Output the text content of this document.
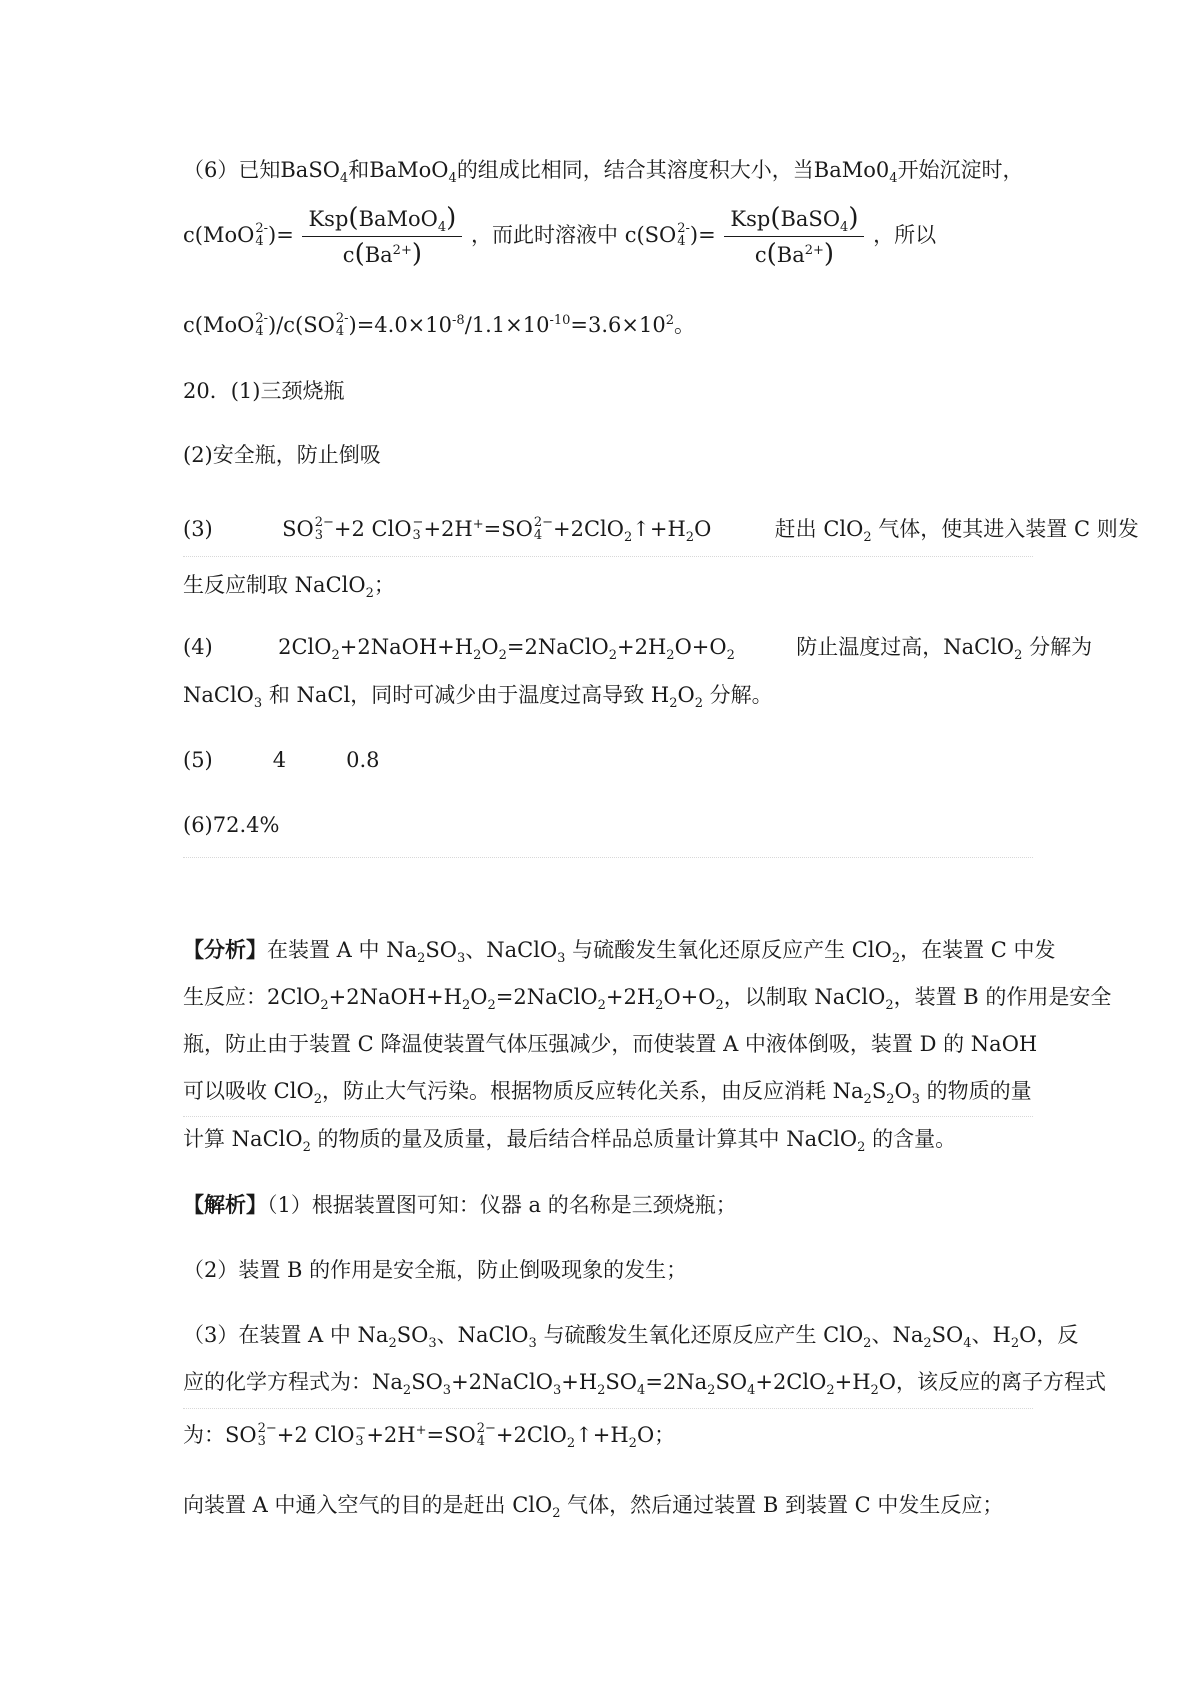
（6）已知BaSO$_4$和BaMoO$_4$的组成比相同，结合其溶度积大小，当$BaMo0_4$开始沉淀时，
c(MoO 2-
4 )= $\frac{Ksp(BaMoO_4)}{c(Ba^{2+})}$ ，而此时溶液中 c(SO 2-
4 )= $\frac{Ksp(BaSO_4)}{c(Ba^{2+})}$ ，所以
c(MoO 2-
4 )/c(SO 2-
4 )$=4.0\times 10^{-8}/1.1\times 10^{-10}=3.6\times 10^2$。
20．(1)三颈烧瓶
(2)安全瓶，防止倒吸
(3)	SO 2−
3 +2 ClO −
3 +2H+=SO 2−
$4 +2ClO_2↑+H_2O$	赶出 ClO$_2$ 气体，使其进入装置 C 则发
生反应制取 NaClO$_2$；
(4)	$2ClO_2+2NaOH+H_2O_2=2NaClO_2+2H_2O+O_2$	防止温度过高，NaClO$_2$ 分解为
NaClO$_3$ 和 NaCl，同时可减少由于温度过高导致 $H_2O_2$ 分解。
(5)	4	0.8
(6)72.4%
【分析】在装置 A 中 $Na_2SO_3$、NaClO$_3$ 与硫酸发生氧化还原反应产生 ClO$_2$，在装置 C 中发
生反应：$2ClO_2+2NaOH+H_2O_2=2NaClO_2+2H_2O+O_2$，以制取 NaClO$_2$，装置 B 的作用是安全
瓶，防止由于装置 C 降温使装置气体压强减少，而使装置 A 中液体倒吸，装置 D 的 NaOH
可以吸收 ClO$_2$，防止大气污染。根据物质反应转化关系，由反应消耗 $Na_2S_2O_3$ 的物质的量
计算 NaClO$_2$ 的物质的量及质量，最后结合样品总质量计算其中 NaClO$_2$ 的含量。
【解析】（1）根据装置图可知：仪器 a 的名称是三颈烧瓶；
（2）装置 B 的作用是安全瓶，防止倒吸现象的发生；
（3）在装置 A 中 $Na_2SO_3$、NaClO$_3$ 与硫酸发生氧化还原反应产生 ClO$_2$、$Na_2SO_4$、$H_2O$，反
应的化学方程式为：$Na_2SO_3+2NaClO_3+H_2SO_4=2Na_2SO_4+2ClO_2+H_2O$，该反应的离子方程式
为：SO 2−
3 +2 ClO −
3 +2H+=SO 2−
$4 +2ClO_2↑+H_2O$；
向装置 A 中通入空气的目的是赶出 ClO$_2$ 气体，然后通过装置 B 到装置 C 中发生反应；
